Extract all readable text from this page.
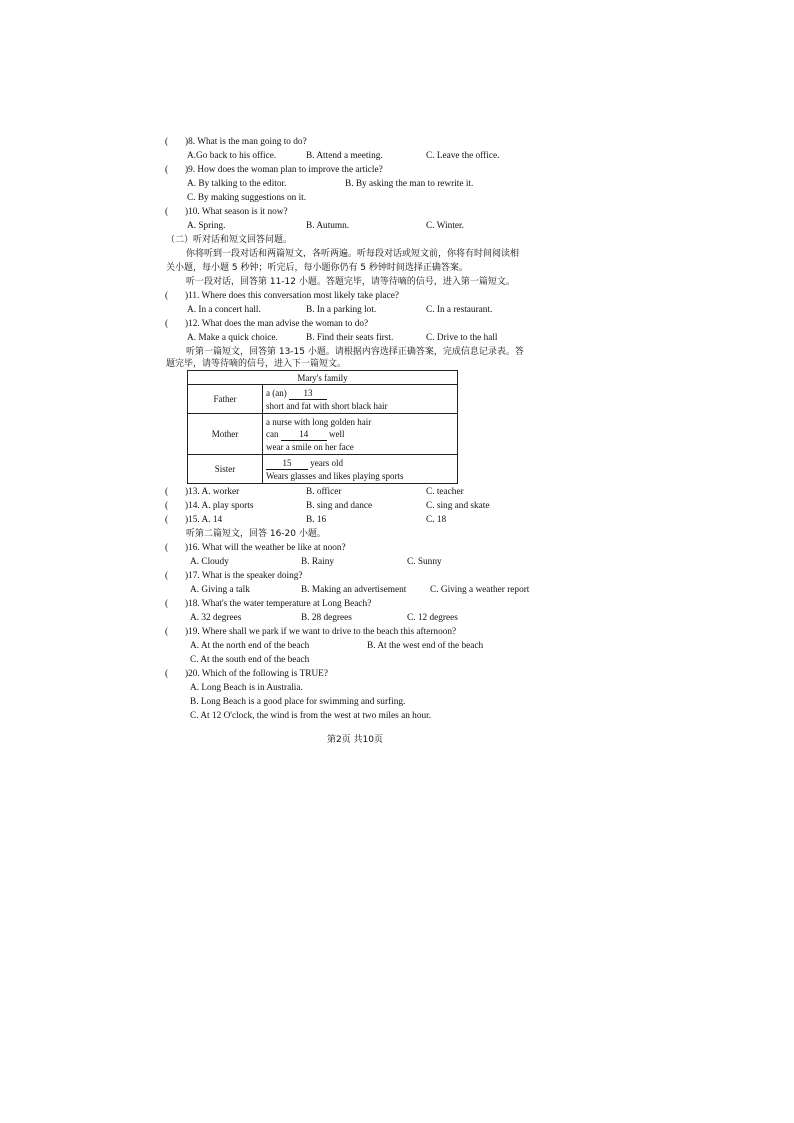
( )8. What is the man going to do?
A.Go back to his office.	B. Attend a meeting.	C. Leave the office.
( )9. How does the woman plan to improve the article?
A. By talking to the editor.	B. By asking the man to rewrite it.
C. By making suggestions on it.
( )10. What season is it now?
A. Spring.	B. Autumn.	C. Winter.
（二）听对话和短文回答问题。
你将听到一段对话和两篇短文，各听两遍。听每段对话或短文前，你将有时间阅读相
关小题，每小题 5 秒钟；听完后，每小题你仍有 5 秒钟时间选择正确答案。
听一段对话，回答第 11-12 小题。答题完毕，请等待嘀的信号，进入第一篇短文。
( )11. Where does this conversation most likely take place?
A. In a concert hall.	B. In a parking lot.	C. In a restaurant.
( )12. What does the man advise the woman to do?
A. Make a quick choice.	B. Find their seats first.	C. Drive to the hall
听第一篇短文，回答第 13-15 小题。请根据内容选择正确答案，完成信息记录表。答
题完毕，请等待嘀的信号，进入下一篇短文。
Mary's family	
Father	a (an) 13
short and fat with short black hair

Mother	a nurse with long golden hair
can 14 well
wear a smile on her face

Sister	15 years old
Wears glasses and likes playing sports
( )13. A. worker	B. officer	C. teacher
( )14. A. play sports	B. sing and dance	C. sing and skate
( )15. A. 14	B. 16	C. 18
听第二篇短文，回答 16-20 小题。
( )16. What will the weather be like at noon?
A. Cloudy	B. Rainy	C. Sunny
( )17. What is the speaker doing?
A. Giving a talk	B. Making an advertisement	C. Giving a weather report
( )18. What's the water temperature at Long Beach?
A. 32 degrees	B. 28 degrees	C. 12 degrees
( )19. Where shall we park if we want to drive to the beach this afternoon?
A. At the north end of the beach	B. At the west end of the beach
C. At the south end of the beach
( )20. Which of the following is TRUE?
A. Long Beach is in Australia.
B. Long Beach is a good place for swimming and surfing.
C. At 12 O'clock, the wind is from the west at two miles an hour.
第2页 共10页
